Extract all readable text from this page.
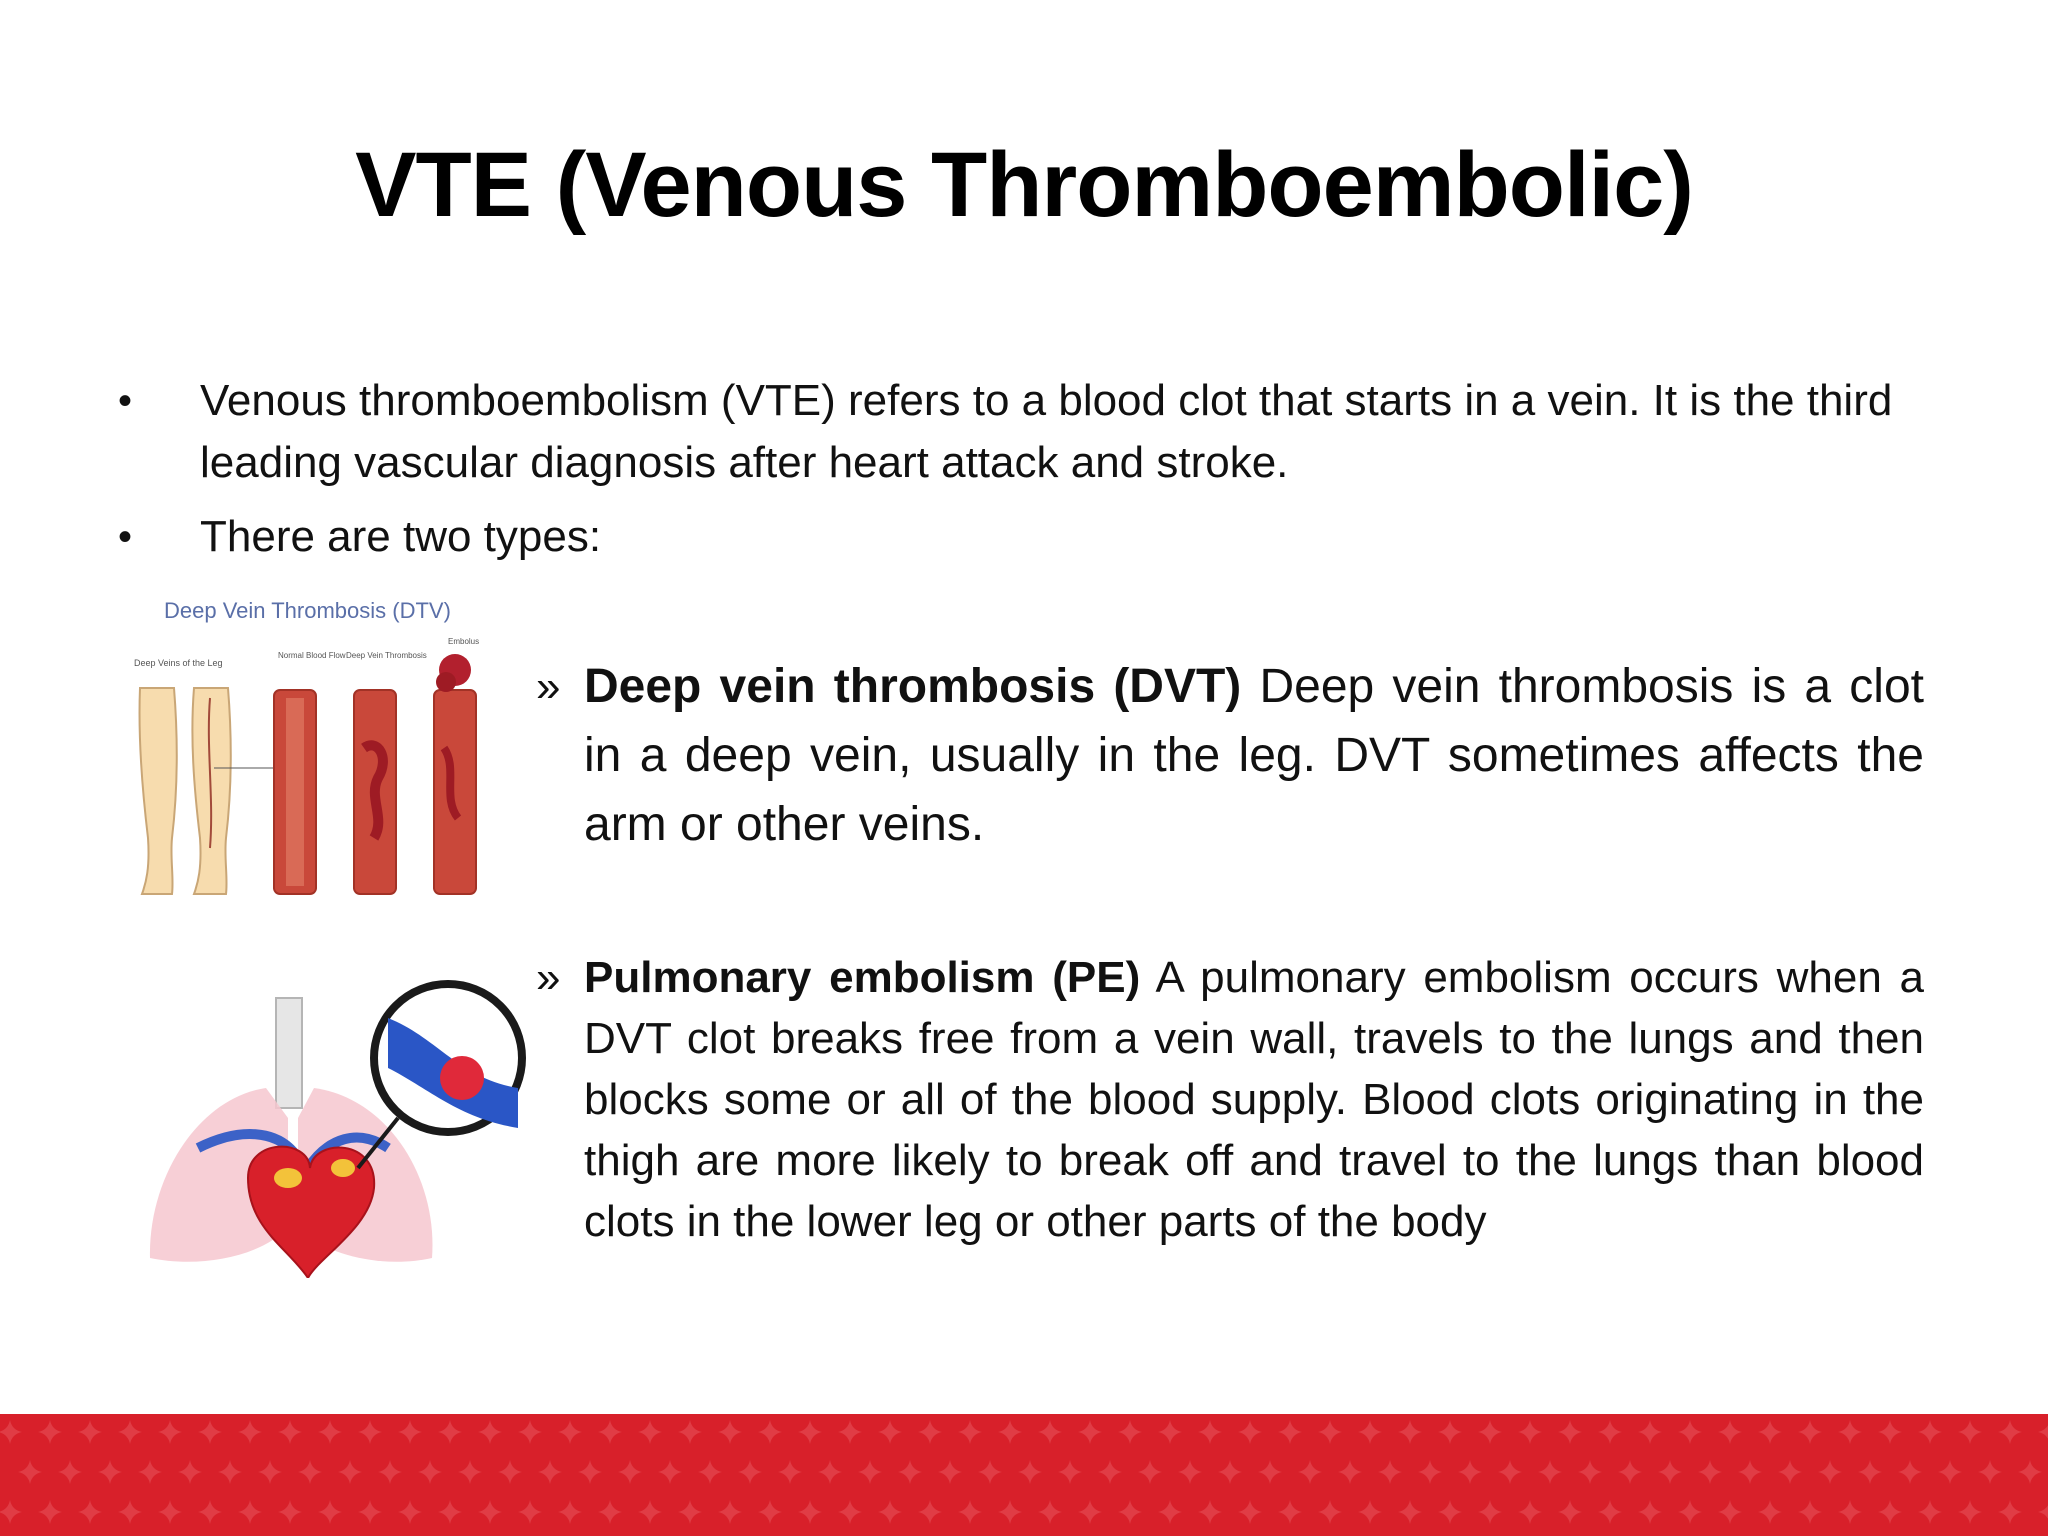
VTE (Venous Thromboembolic)
•	Venous thromboembolism (VTE) refers to a blood clot that starts in a vein. It is the third leading vascular diagnosis after heart attack and stroke.
•	There are two types:
Deep Vein Thrombosis (DTV)
Deep Veins of the Leg
Normal Blood Flow Deep Vein Thrombosis
Embolus
» Deep vein thrombosis (DVT) Deep vein thrombosis is a clot in a deep vein, usually in the leg. DVT sometimes affects the arm or other veins.
» Pulmonary embolism (PE) A pulmonary embolism occurs when a DVT clot breaks free from a vein wall, travels to the lungs and then blocks some or all of the blood supply. Blood clots originating in the thigh are more likely to break off and travel to the lungs than blood clots in the lower leg or other parts of the body
